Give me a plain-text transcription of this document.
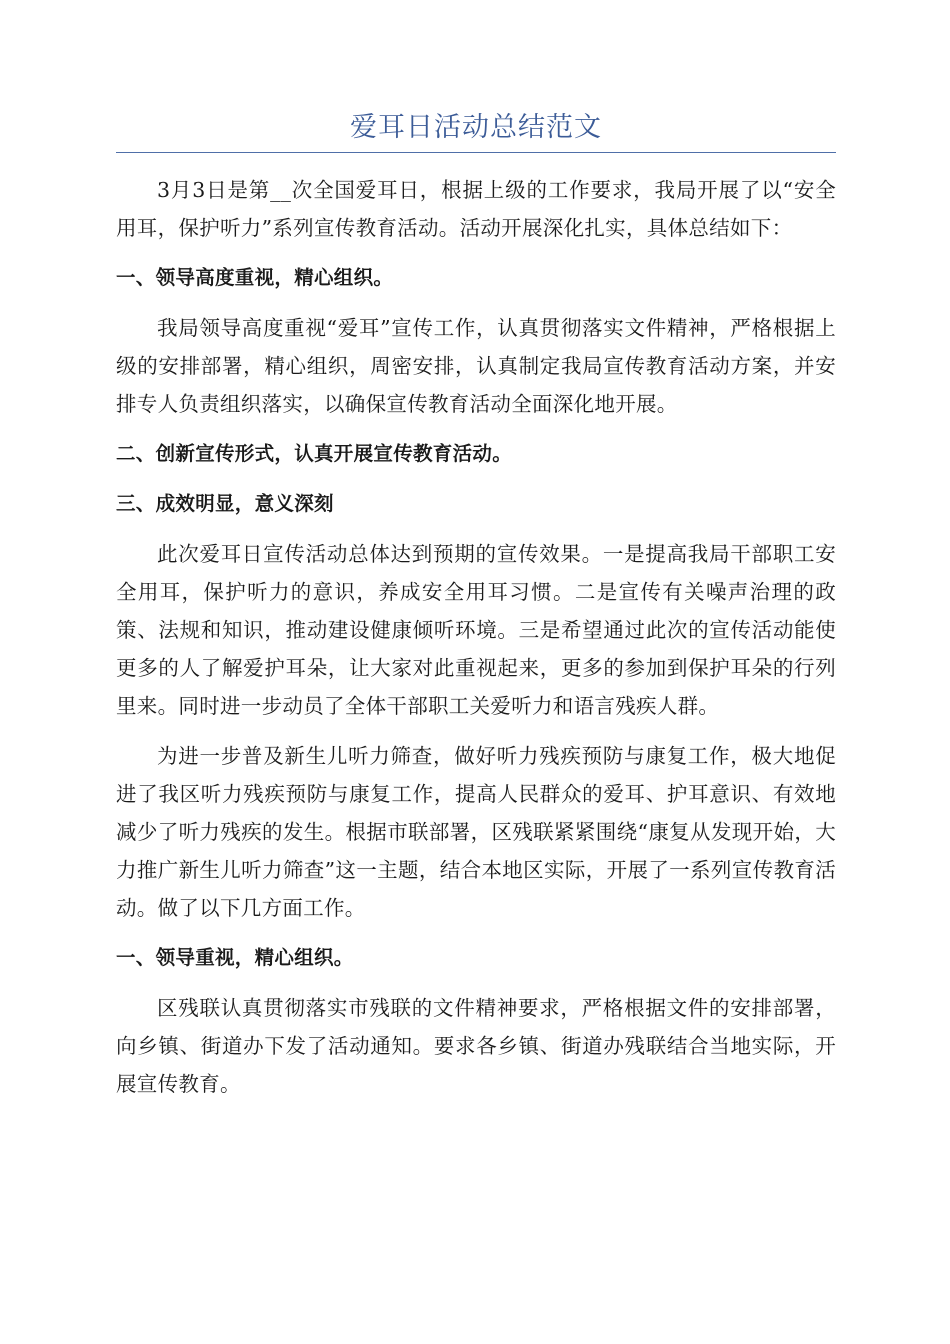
爱耳日活动总结范文

3月3日是第__次全国爱耳日，根据上级的工作要求，我局开展了以“安全用耳，保护听力”系列宣传教育活动。活动开展深化扎实，具体总结如下：

一、领导高度重视，精心组织。

我局领导高度重视“爱耳”宣传工作，认真贯彻落实文件精神，严格根据上级的安排部署，精心组织，周密安排，认真制定我局宣传教育活动方案，并安排专人负责组织落实，以确保宣传教育活动全面深化地开展。

二、创新宣传形式，认真开展宣传教育活动。

三、成效明显，意义深刻

此次爱耳日宣传活动总体达到预期的宣传效果。一是提高我局干部职工安全用耳，保护听力的意识，养成安全用耳习惯。二是宣传有关噪声治理的政策、法规和知识，推动建设健康倾听环境。三是希望通过此次的宣传活动能使更多的人了解爱护耳朵，让大家对此重视起来，更多的参加到保护耳朵的行列里来。同时进一步动员了全体干部职工关爱听力和语言残疾人群。

为进一步普及新生儿听力筛查，做好听力残疾预防与康复工作，极大地促进了我区听力残疾预防与康复工作，提高人民群众的爱耳、护耳意识、有效地减少了听力残疾的发生。根据市联部署，区残联紧紧围绕“康复从发现开始，大力推广新生儿听力筛查”这一主题，结合本地区实际，开展了一系列宣传教育活动。做了以下几方面工作。

一、领导重视，精心组织。

区残联认真贯彻落实市残联的文件精神要求，严格根据文件的安排部署，向乡镇、街道办下发了活动通知。要求各乡镇、街道办残联结合当地实际，开展宣传教育。
